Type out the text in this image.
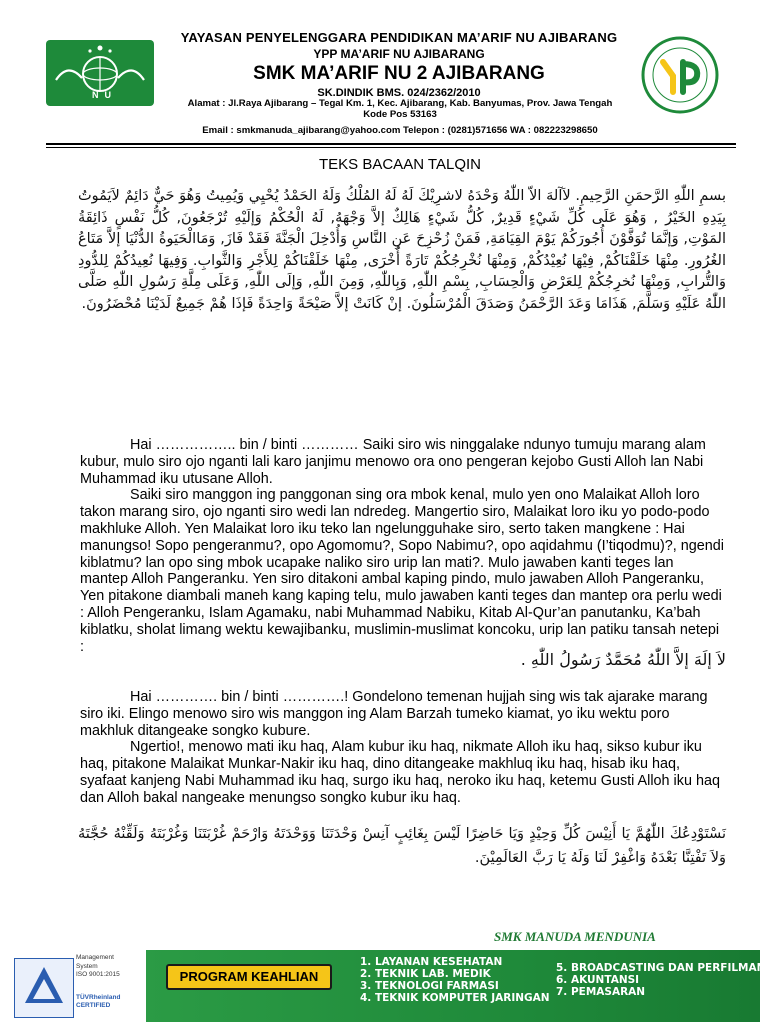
NU
YAYASAN PENYELENGGARA PENDIDIKAN MA’ARIF NU AJIBARANG
YPP MA’ARIF NU AJIBARANG
SMK MA’ARIF NU 2 AJIBARANG
SK.DINDIK BMS. 024/2362/2010
Alamat : Jl.Raya Ajibarang – Tegal Km. 1, Kec. Ajibarang, Kab. Banyumas, Prov. Jawa Tengah
Kode Pos 53163
Email : smkmanuda_ajibarang@yahoo.com Telepon : (0281)571656 WA : 082223298650
TEKS BACAAN TALQIN
بسمِ اللّٰهِ الرَّحمَنِ الرَّحِيمِ. لاَآلهَ الاّ اللّٰهُ وَحْدَهُ لاشرِيْكَ لَهُ لَهُ المُلْكُ وَلَهُ الحَمْدُ يُحْيِي وَيُمِيتُ وَهُوَ حَيٌّ دَائِمٌ لاَيَمُوتُ بِيَدِهِ الخَيْرُ , وَهُوَ عَلَى كُلِّ شَيْءٍ قَدِيرٌ, كُلُّ شَيْءٍ هَالِكٌ إلاَّ وَجْهَهُ, لَهُ الْحُكْمُ وَإلَيْهِ تُرْجَعُونَ, كُلُّ نَفْسٍ ذَائِقَةُ المَوْتِ, وَإنَّمَا تُوَفَّوْنَ أُجُورَكُمْ يَوْمَ القِيَامَةِ, فَمَنْ زُحْزِحَ عَنِ النَّاسِ وَأُدْخِلَ الْجَنَّةَ فَقَدْ فَازَ, وَمَاالْحَيَوةُ الدُّنْيَا إلاَّ مَتَاعُ الغُرُورِ. مِنْهَا خَلَقْنَاكُمْ, فِيْهَا نُعِيْدُكُمْ, وَمِنْهَا نُخْرِجُكُمْ تَارَةً أُخْرَى, مِنْهَا خَلَقْنَاكُمْ لِلأَجْرِ وَالثَّوابِ. وَفِيهَا نُعِيدُكُمْ لِلدُّودِ وَالتُّرابِ, وَمِنْهَا نُخرِجُكُمْ لِلعَرْضِ وَالْحِسَابِ, بِسْمِ اللّٰهِ, وَبِاللّٰهِ, وَمِنَ اللّٰهِ, وَإلَى اللّٰهِ, وَعَلَى مِلَّةِ رَسُولِ اللّٰهِ صَلَّى اللّٰهُ عَلَيْهِ وَسَلَّمَ, هَذَامَا وَعَدَ الرَّحْمَنُ وَصَدَقَ الْمُرْسَلُونَ. إنْ كَانَتْ إلاَّ صَيْحَةً وَاحِدَةً فَإذَا هُمْ جَمِيعٌ لَدَيْنَا مُحْضَرُونَ.

Hai …………….. bin / binti ………… Saiki siro wis ninggalake ndunyo tumuju marang alam kubur, mulo siro ojo nganti lali karo janjimu menowo ora ono pengeran kejobo Gusti Alloh lan Nabi Muhammad iku utusane Alloh.

Saiki siro manggon ing panggonan sing ora mbok kenal, mulo yen ono Malaikat Alloh loro takon marang siro, ojo nganti siro wedi lan ndredeg. Mangertio siro, Malaikat loro iku yo podo-podo makhluke Alloh. Yen Malaikat loro iku teko lan ngelungguhake siro, serto taken mangkene : Hai manungso! Sopo pengeranmu?, opo Agomomu?, Sopo Nabimu?, opo aqidahmu (I’tiqodmu)?, ngendi kiblatmu? lan opo sing mbok ucapake naliko siro urip lan mati?. Mulo jawaben kanti teges lan mantep Alloh Pangeranku. Yen siro ditakoni ambal kaping pindo, mulo jawaben Alloh Pangeranku, Yen pitakone diambali maneh kang kaping telu, mulo jawaben kanti teges dan mantep ora perlu wedi : Alloh Pengeranku, Islam Agamaku, nabi Muhammad Nabiku, Kitab Al-Qur’an panutanku, Ka’bah kiblatku, sholat limang wektu kewajibanku, muslimin-muslimat koncoku, urip lan patiku tansah netepi :

لاَ إلَهَ إلاَّ اللّٰهُ مُحَمَّدٌ رَسُولُ اللّٰهِ .

Hai …………. bin / binti ………….! Gondelono temenan hujjah sing wis tak ajarake marang siro iki. Elingo menowo siro wis manggon ing Alam Barzah tumeko kiamat, yo iku wektu poro makhluk ditangeake songko kubure.

Ngertio!, menowo mati iku haq, Alam kubur iku haq, nikmate Alloh iku haq, sikso kubur iku haq, pitakone Malaikat Munkar-Nakir iku haq, dino ditangeake makhluq iku haq, hisab iku haq, syafaat kanjeng Nabi Muhammad iku haq, surgo iku haq, neroko iku haq, ketemu Gusti Alloh iku haq dan Alloh bakal nangeake menungso songko kubur iku haq.

نَسْتَوْدِعُكَ اللّٰهُمَّ يَا أَنِيْسَ كُلِّ وَحِيْدٍ وَيَا حَاضِرًا لَيْسَ بِغَائِبٍ آنِسْ وَحْدَتَنَا وَوَحْدَتَهُ وَارْحَمْ غُرْبَتَنَا وَغُرْبَتَهُ وَلَقِّنْهُ حُجَّتَهُ وَلاَ تَفْتِنَّا بَعْدَهُ وَاغْفِرْ لَنَا وَلَهُ يَا رَبَّ العَالَمِيْنَ.
SMK MANUDA MENDUNIA
Management
System
ISO 9001:2015
TÜVRheinland
CERTIFIED
PROGRAM KEAHLIAN
1. LAYANAN KESEHATAN
2. TEKNIK LAB. MEDIK
3. TEKNOLOGI FARMASI
4. TEKNIK KOMPUTER JARINGAN
5. BROADCASTING DAN PERFILMAN
6. AKUNTANSI
7. PEMASARAN
